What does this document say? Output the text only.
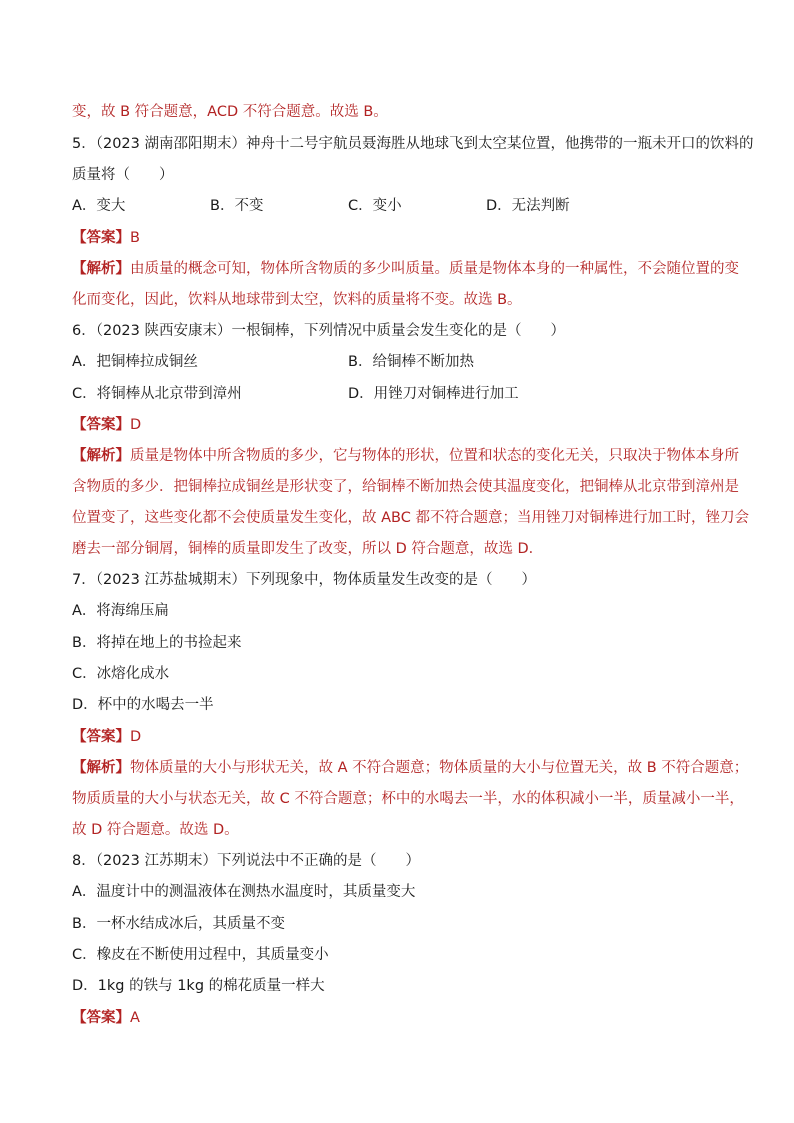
变，故 B 符合题意，ACD 不符合题意。故选 B。
5．（2023 湖南邵阳期末）神舟十二号宇航员聂海胜从地球飞到太空某位置，他携带的一瓶未开口的饮料的
质量将（　　）
A．变大	B．不变	C．变小	D．无法判断
【答案】B
【解析】由质量的概念可知，物体所含物质的多少叫质量。质量是物体本身的一种属性，不会随位置的变
化而变化，因此，饮料从地球带到太空，饮料的质量将不变。故选 B。
6．（2023 陕西安康末）一根铜棒，下列情况中质量会发生变化的是（　　）
A．把铜棒拉成铜丝	B．给铜棒不断加热
C．将铜棒从北京带到漳州	D．用锉刀对铜棒进行加工
【答案】D
【解析】质量是物体中所含物质的多少，它与物体的形状，位置和状态的变化无关，只取决于物体本身所
含物质的多少．把铜棒拉成铜丝是形状变了，给铜棒不断加热会使其温度变化，把铜棒从北京带到漳州是
位置变了，这些变化都不会使质量发生变化，故 ABC 都不符合题意；当用锉刀对铜棒进行加工时，锉刀会
磨去一部分铜屑，铜棒的质量即发生了改变，所以 D 符合题意，故选 D．
7．（2023 江苏盐城期末）下列现象中，物体质量发生改变的是（　　）
A．将海绵压扁
B．将掉在地上的书捡起来
C．冰熔化成水
D．杯中的水喝去一半
【答案】D
【解析】物体质量的大小与形状无关，故 A 不符合题意；物体质量的大小与位置无关，故 B 不符合题意；
物质质量的大小与状态无关，故 C 不符合题意；杯中的水喝去一半，水的体积减小一半，质量减小一半，
故 D 符合题意。故选 D。
8．（2023 江苏期末）下列说法中不正确的是（　　）
A．温度计中的测温液体在测热水温度时，其质量变大
B．一杯水结成冰后，其质量不变
C．橡皮在不断使用过程中，其质量变小
D．1kg 的铁与 1kg 的棉花质量一样大
【答案】A
